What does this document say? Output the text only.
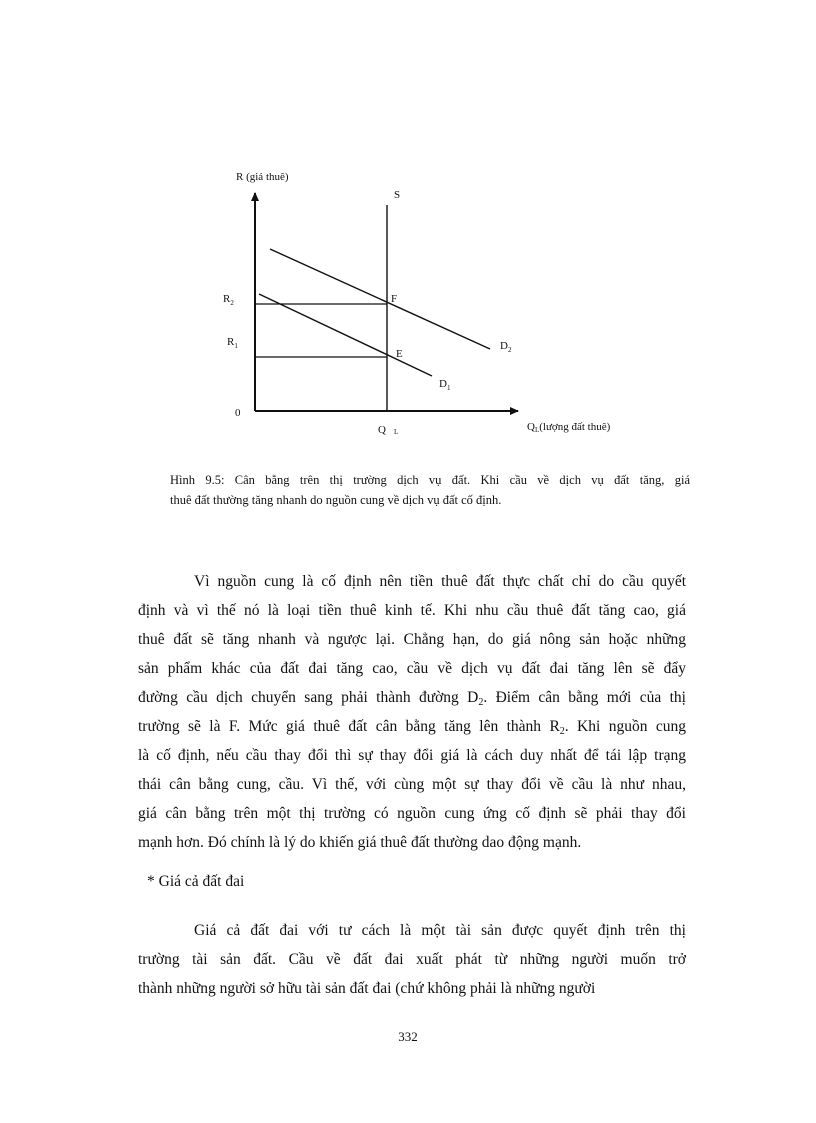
R (giá thuê)
S
$R_2$
$R_1$
F
E
$D_2$
$D_1$
0
Q L	QL(lượng đất thuê)
Hình 9.5: Cân bằng trên thị trường dịch vụ đất. Khi cầu về dịch vụ đất tăng, giá
thuê đất thường tăng nhanh do nguồn cung về dịch vụ đất cố định.

Vì nguồn cung là cố định nên tiền thuê đất thực chất chỉ do cầu quyết

định và vì thế nó là loại tiền thuê kinh tế. Khi nhu cầu thuê đất tăng cao, giá

thuê đất sẽ tăng nhanh và ngược lại. Chẳng hạn, do giá nông sản hoặc những

sản phẩm khác của đất đai tăng cao, cầu về dịch vụ đất đai tăng lên sẽ đẩy

đường cầu dịch chuyển sang phải thành đường $D_2$. Điểm cân bằng mới của thị

trường sẽ là F. Mức giá thuê đất cân bằng tăng lên thành $R_2$. Khi nguồn cung

là cố định, nếu cầu thay đổi thì sự thay đổi giá là cách duy nhất để tái lập trạng

thái cân bằng cung, cầu. Vì thế, với cùng một sự thay đổi về cầu là như nhau,

giá cân bằng trên một thị trường có nguồn cung ứng cố định sẽ phải thay đổi

mạnh hơn. Đó chính là lý do khiến giá thuê đất thường dao động mạnh.

* Giá cả đất đai

Giá cả đất đai với tư cách là một tài sản được quyết định trên thị

trường tài sản đất. Cầu về đất đai xuất phát từ những người muốn trở

thành những người sở hữu tài sản đất đai (chứ không phải là những người

332
